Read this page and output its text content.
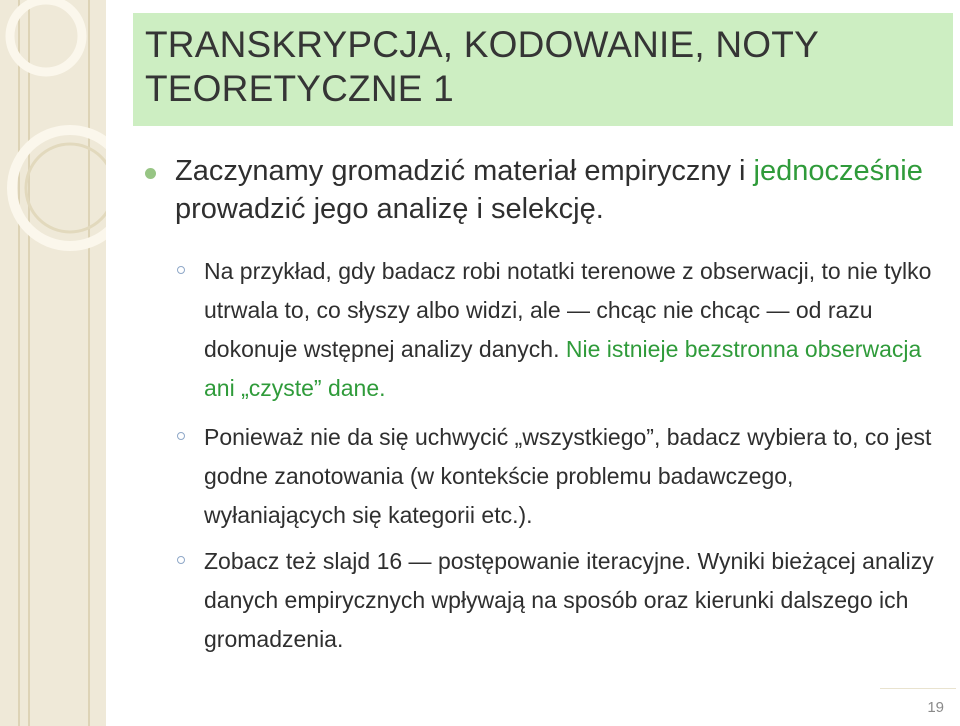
TRANSKRYPCJA, KODOWANIE, NOTY TEORETYCZNE 1
Zaczynamy gromadzić materiał empiryczny i jednocześnie prowadzić jego analizę i selekcję.
Na przykład, gdy badacz robi notatki terenowe z obserwacji, to nie tylko utrwala to, co słyszy albo widzi, ale — chcąc nie chcąc — od razu dokonuje wstępnej analizy danych. Nie istnieje bezstronna obserwacja ani „czyste” dane.
Ponieważ nie da się uchwycić „wszystkiego”, badacz wybiera to, co jest godne zanotowania (w kontekście problemu badawczego, wyłaniających się kategorii etc.).
Zobacz też slajd 16 — postępowanie iteracyjne. Wyniki bieżącej analizy danych empirycznych wpływają na sposób oraz kierunki dalszego ich gromadzenia.
19
